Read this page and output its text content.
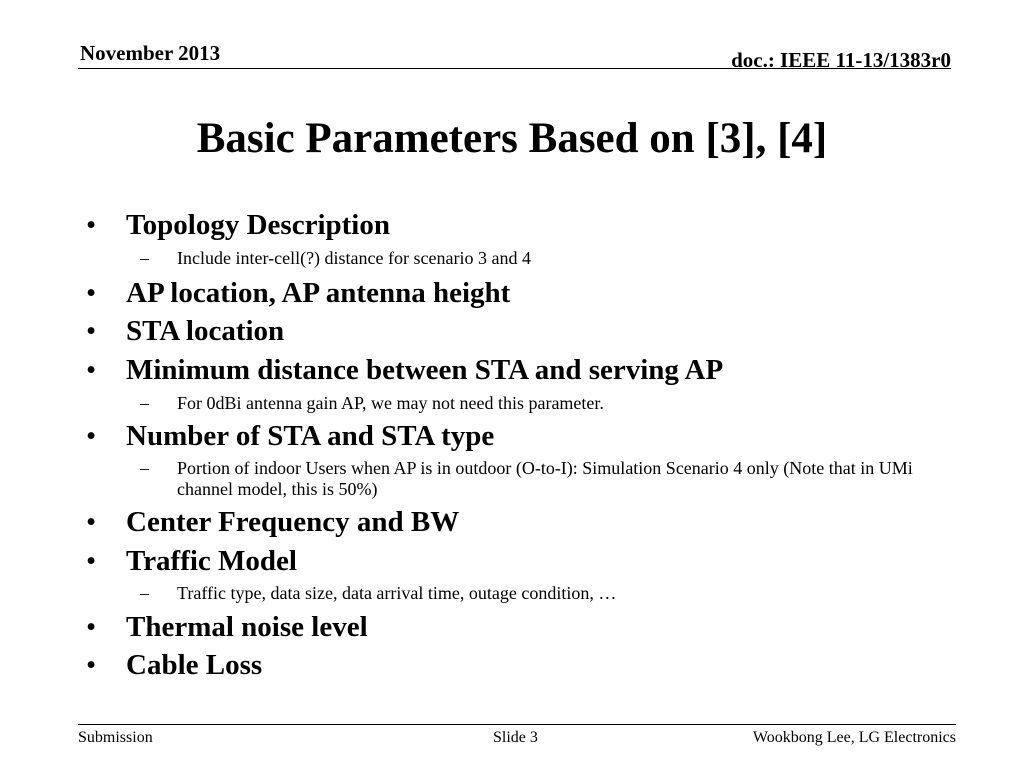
November 2013	doc.: IEEE 11-13/1383r0
Basic Parameters Based on [3], [4]
• Topology Description
– Include inter-cell(?) distance for scenario 3 and 4
• AP location, AP antenna height
• STA location
• Minimum distance between STA and serving AP
– For 0dBi antenna gain AP, we may not need this parameter.
• Number of STA and STA type
– Portion of indoor Users when AP is in outdoor (O-to-I): Simulation Scenario 4 only (Note that in UMi channel model, this is 50%)
• Center Frequency and BW
• Traffic Model
– Traffic type, data size, data arrival time, outage condition, …
• Thermal noise level
• Cable Loss
Submission	Slide 3	Wookbong Lee, LG Electronics
